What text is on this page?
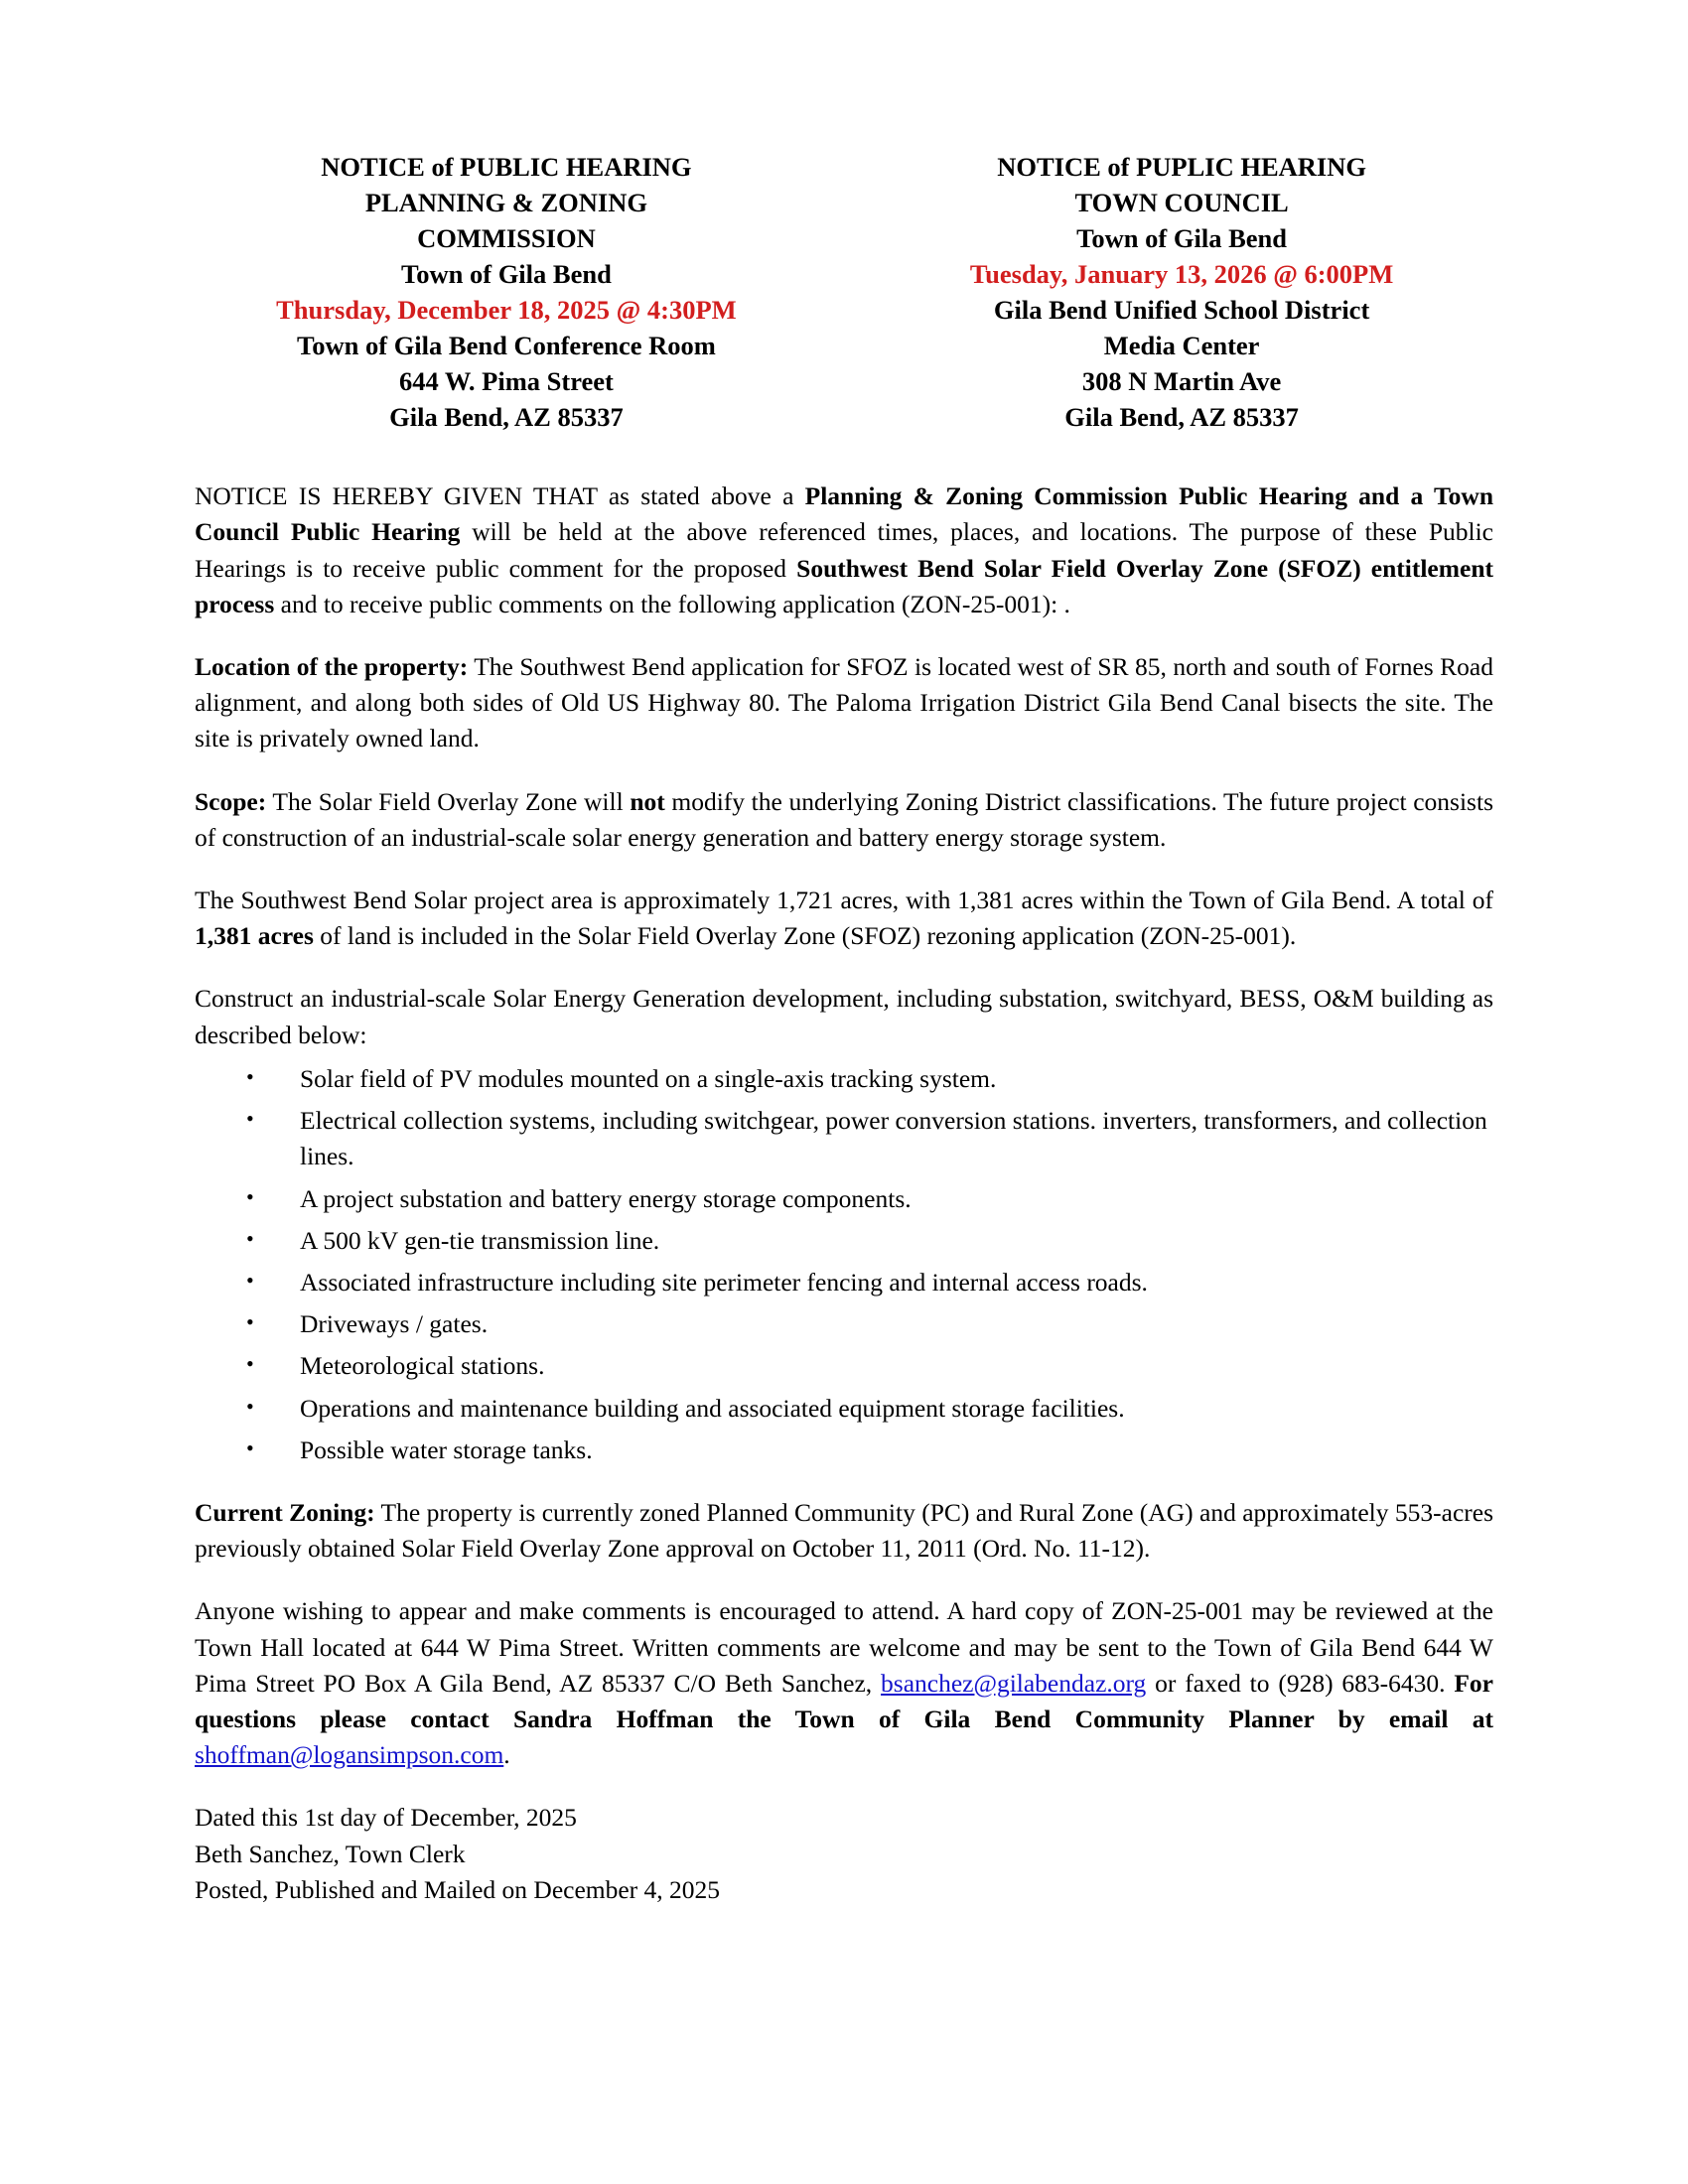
NOTICE of PUBLIC HEARING
PLANNING & ZONING
COMMISSION
Town of Gila Bend
Thursday, December 18, 2025 @ 4:30PM
Town of Gila Bend Conference Room
644 W. Pima Street
Gila Bend, AZ 85337
NOTICE of PUPLIC HEARING
TOWN COUNCIL
Town of Gila Bend
Tuesday, January 13, 2026 @ 6:00PM
Gila Bend Unified School District
Media Center
308 N Martin Ave
Gila Bend, AZ 85337

NOTICE IS HEREBY GIVEN THAT as stated above a Planning & Zoning Commission Public Hearing and a Town Council Public Hearing will be held at the above referenced times, places, and locations. The purpose of these Public Hearings is to receive public comment for the proposed Southwest Bend Solar Field Overlay Zone (SFOZ) entitlement process and to receive public comments on the following application (ZON-25-001): .

Location of the property: The Southwest Bend application for SFOZ is located west of SR 85, north and south of Fornes Road alignment, and along both sides of Old US Highway 80. The Paloma Irrigation District Gila Bend Canal bisects the site. The site is privately owned land.

Scope: The Solar Field Overlay Zone will not modify the underlying Zoning District classifications. The future project consists of construction of an industrial-scale solar energy generation and battery energy storage system.

The Southwest Bend Solar project area is approximately 1,721 acres, with 1,381 acres within the Town of Gila Bend. A total of 1,381 acres of land is included in the Solar Field Overlay Zone (SFOZ) rezoning application (ZON-25-001).

Construct an industrial-scale Solar Energy Generation development, including substation, switchyard, BESS, O&M building as described below:

• Solar field of PV modules mounted on a single-axis tracking system.
• Electrical collection systems, including switchgear, power conversion stations. inverters, transformers, and collection lines.
• A project substation and battery energy storage components.
• A 500 kV gen-tie transmission line.
• Associated infrastructure including site perimeter fencing and internal access roads.
• Driveways / gates.
• Meteorological stations.
• Operations and maintenance building and associated equipment storage facilities.
• Possible water storage tanks.

Current Zoning: The property is currently zoned Planned Community (PC) and Rural Zone (AG) and approximately 553-acres previously obtained Solar Field Overlay Zone approval on October 11, 2011 (Ord. No. 11-12).

Anyone wishing to appear and make comments is encouraged to attend. A hard copy of ZON-25-001 may be reviewed at the Town Hall located at 644 W Pima Street. Written comments are welcome and may be sent to the Town of Gila Bend 644 W Pima Street PO Box A Gila Bend, AZ 85337 C/O Beth Sanchez, bsanchez@gilabendaz.org or faxed to (928) 683-6430. For questions please contact Sandra Hoffman the Town of Gila Bend Community Planner by email at shoffman@logansimpson.com.

Dated this 1st day of December, 2025
Beth Sanchez, Town Clerk
Posted, Published and Mailed on December 4, 2025
